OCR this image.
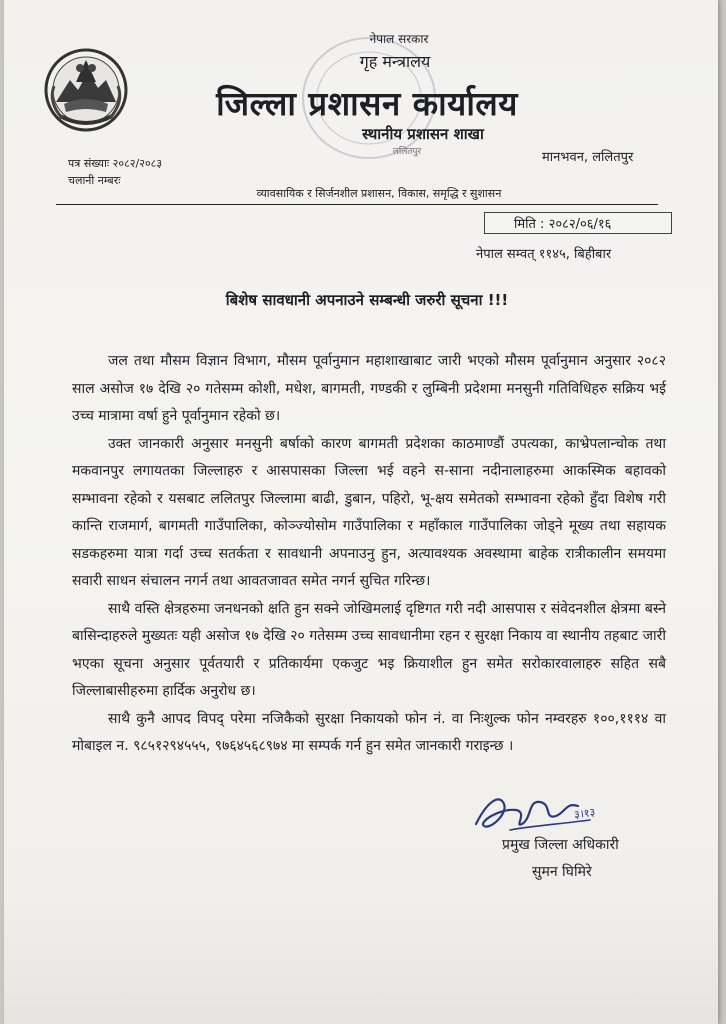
नेपाल सरकार
गृह मन्त्रालय
जिल्ला प्रशासन कार्यालय
स्थानीय प्रशासन शाखा
ललितपुर
पत्र संख्याः २०८२/२०८३
चलानी नम्बरः
मानभवन, ललितपुर
व्यावसायिक र सिर्जनशील प्रशासन, विकास, समृद्धि र सुशासन
मिति : २०८२/०६/१६
नेपाल सम्वत् ११४५, बिहीबार
बिशेष सावधानी अपनाउने सम्बन्धी जरुरी सूचना !!!

जल तथा मौसम विज्ञान विभाग, मौसम पूर्वानुमान महाशाखाबाट जारी भएको मौसम पूर्वानुमान अनुसार २०८२ साल असोज १७ देखि २० गतेसम्म कोशी, मधेश, बागमती, गण्डकी र लुम्बिनी प्रदेशमा मनसुनी गतिविधिहरु सक्रिय भई उच्च मात्रामा वर्षा हुने पूर्वानुमान रहेको छ।

उक्त जानकारी अनुसार मनसुनी बर्षाको कारण बागमती प्रदेशका काठमाण्डौं उपत्यका, काभ्रेपलान्चोक तथा मकवानपुर लगायतका जिल्लाहरु र आसपासका जिल्ला भई वहने स-साना नदीनालाहरुमा आकस्मिक बहावको सम्भावना रहेको र यसबाट ललितपुर जिल्लामा बाढी, डुबान, पहिरो, भू-क्षय समेतको सम्भावना रहेको हुँदा विशेष गरी कान्ति राजमार्ग, बागमती गाउँपालिका, कोञ्ज्योसोम गाउँपालिका र महाँकाल गाउँपालिका जोड्ने मूख्य तथा सहायक सडकहरुमा यात्रा गर्दा उच्च सतर्कता र सावधानी अपनाउनु हुन, अत्यावश्यक अवस्थामा बाहेक रात्रीकालीन समयमा सवारी साधन संचालन नगर्न तथा आवतजावत समेत नगर्न सुचित गरिन्छ।

साथै वस्ति क्षेत्रहरुमा जनधनको क्षति हुन सक्ने जोखिमलाई दृष्टिगत गरी नदी आसपास र संवेदनशील क्षेत्रमा बस्ने बासिन्दाहरुले मुख्यतः यही असोज १७ देखि २० गतेसम्म उच्च सावधानीमा रहन र सुरक्षा निकाय वा स्थानीय तहबाट जारी भएका सूचना अनुसार पूर्वतयारी र प्रतिकार्यमा एकजुट भइ क्रियाशील हुन समेत सरोकारवालाहरु सहित सबै जिल्लाबासीहरुमा हार्दिक अनुरोध छ।

साथै कुनै आपद विपद् परेमा नजिकैको सुरक्षा निकायको फोन नं. वा निःशुल्क फोन नम्वरहरु १००,१११४ वा मोबाइल न. ९८५१२९४५५५, ९७६४५६८९७४ मा सम्पर्क गर्न हुन समेत जानकारी गराइन्छ ।

३।१३
प्रमुख जिल्ला अधिकारी
सुमन घिमिरे
